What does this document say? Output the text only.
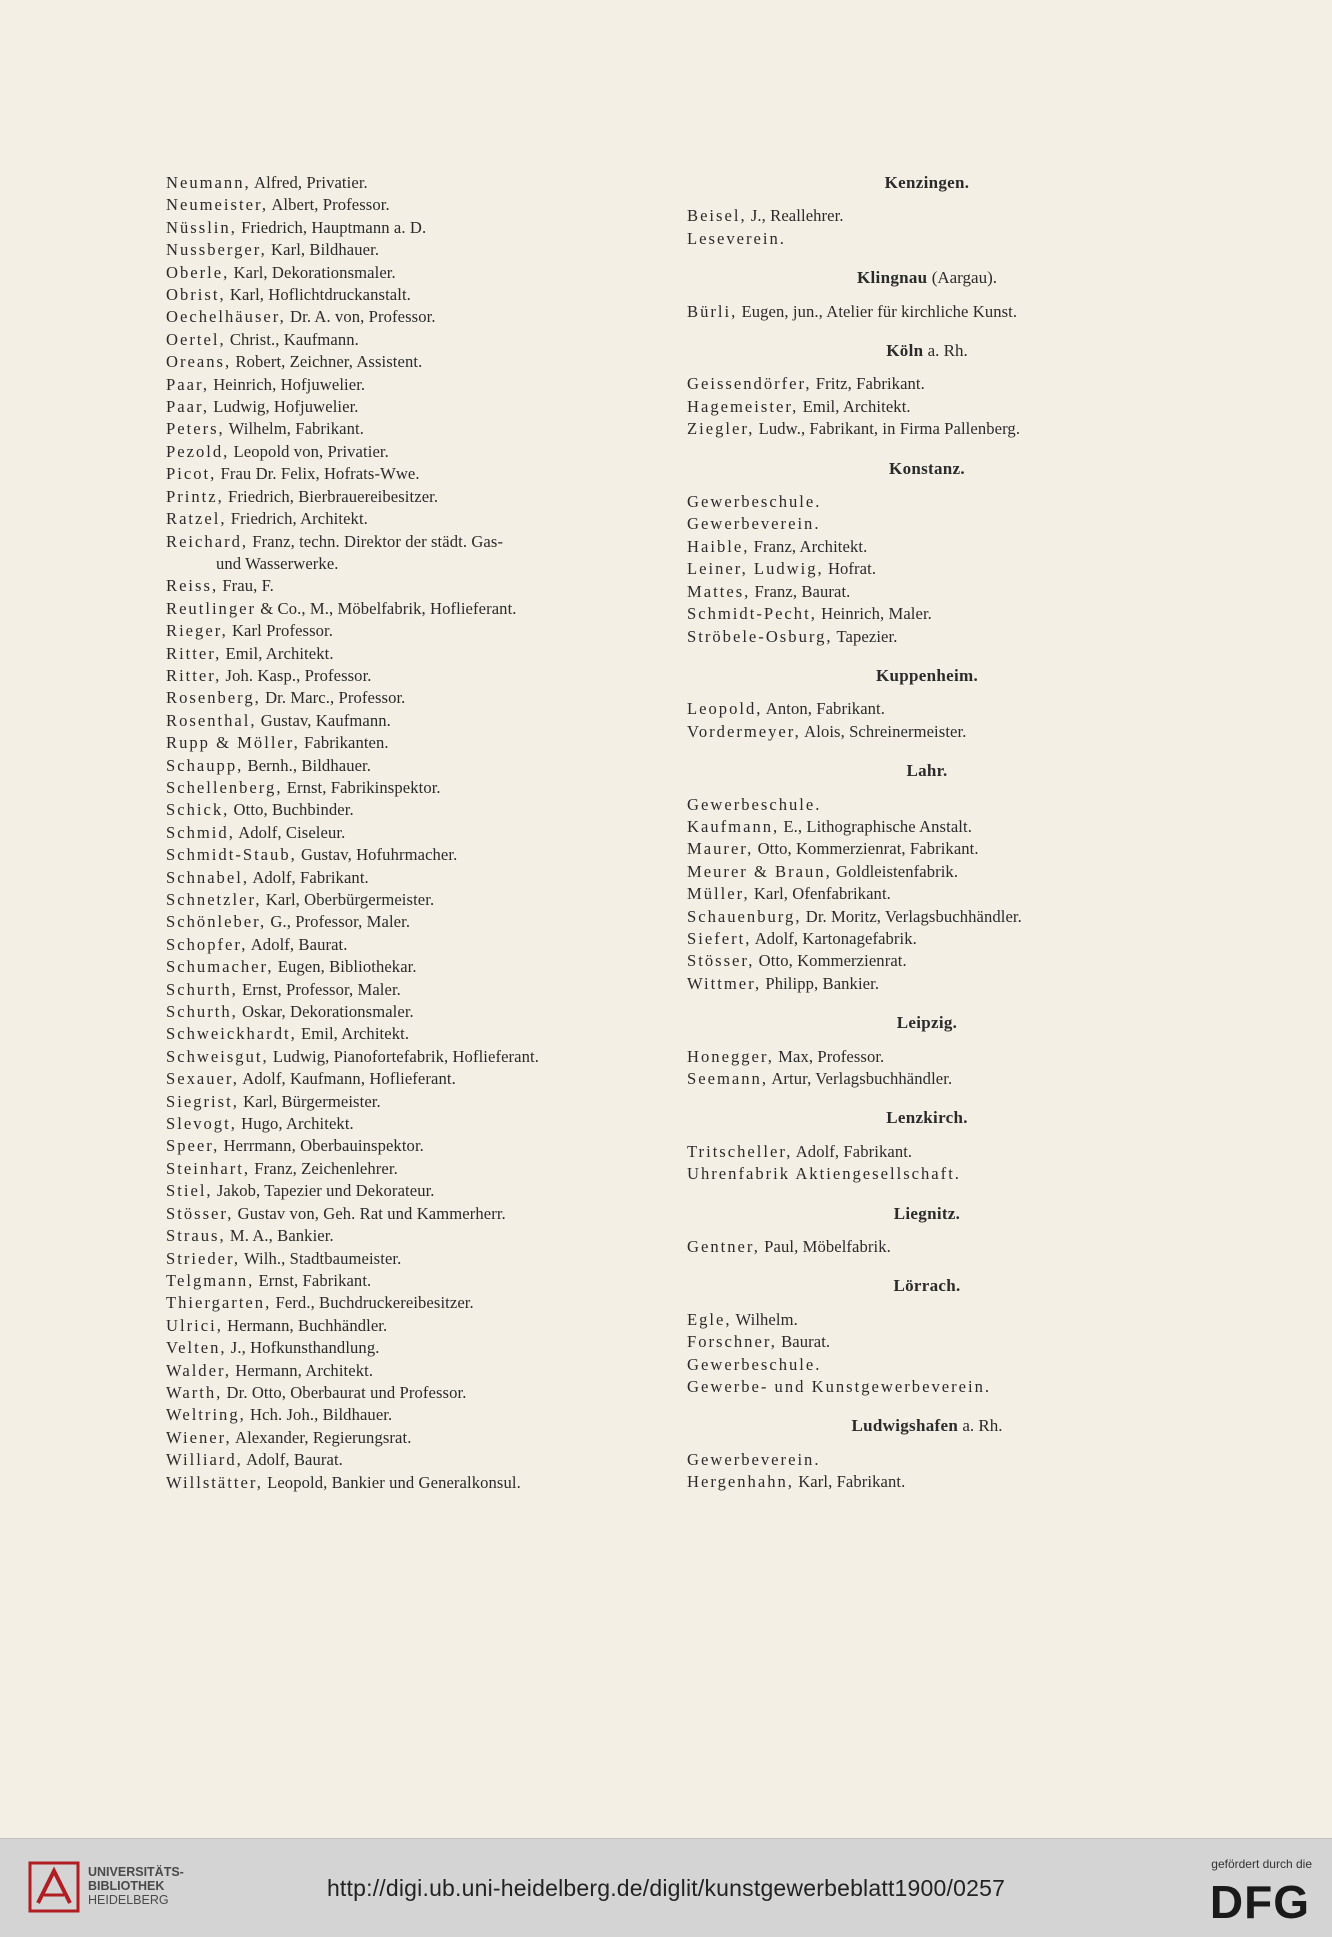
Neumann, Alfred, Privatier.
Neumeister, Albert, Professor.
Nüsslin, Friedrich, Hauptmann a. D.
Nussberger, Karl, Bildhauer.
Oberle, Karl, Dekorationsmaler.
Obrist, Karl, Hoflichtdruckanstalt.
Oechelhäuser, Dr. A. von, Professor.
Oertel, Christ., Kaufmann.
Oreans, Robert, Zeichner, Assistent.
Paar, Heinrich, Hofjuwelier.
Paar, Ludwig, Hofjuwelier.
Peters, Wilhelm, Fabrikant.
Pezold, Leopold von, Privatier.
Picot, Frau Dr. Felix, Hofrats-Wwe.
Printz, Friedrich, Bierbrauereibesitzer.
Ratzel, Friedrich, Architekt.
Reichard, Franz, techn. Direktor der städt. Gas-
und Wasserwerke.
Reiss, Frau, F.
Reutlinger & Co., M., Möbelfabrik, Hoflieferant.
Rieger, Karl Professor.
Ritter, Emil, Architekt.
Ritter, Joh. Kasp., Professor.
Rosenberg, Dr. Marc., Professor.
Rosenthal, Gustav, Kaufmann.
Rupp & Möller, Fabrikanten.
Schaupp, Bernh., Bildhauer.
Schellenberg, Ernst, Fabrikinspektor.
Schick, Otto, Buchbinder.
Schmid, Adolf, Ciseleur.
Schmidt-Staub, Gustav, Hofuhrmacher.
Schnabel, Adolf, Fabrikant.
Schnetzler, Karl, Oberbürgermeister.
Schönleber, G., Professor, Maler.
Schopfer, Adolf, Baurat.
Schumacher, Eugen, Bibliothekar.
Schurth, Ernst, Professor, Maler.
Schurth, Oskar, Dekorationsmaler.
Schweickhardt, Emil, Architekt.
Schweisgut, Ludwig, Pianofortefabrik, Hoflieferant.
Sexauer, Adolf, Kaufmann, Hoflieferant.
Siegrist, Karl, Bürgermeister.
Slevogt, Hugo, Architekt.
Speer, Herrmann, Oberbauinspektor.
Steinhart, Franz, Zeichenlehrer.
Stiel, Jakob, Tapezier und Dekorateur.
Stösser, Gustav von, Geh. Rat und Kammerherr.
Straus, M. A., Bankier.
Strieder, Wilh., Stadtbaumeister.
Telgmann, Ernst, Fabrikant.
Thiergarten, Ferd., Buchdruckereibesitzer.
Ulrici, Hermann, Buchhändler.
Velten, J., Hofkunsthandlung.
Walder, Hermann, Architekt.
Warth, Dr. Otto, Oberbaurat und Professor.
Weltring, Hch. Joh., Bildhauer.
Wiener, Alexander, Regierungsrat.
Williard, Adolf, Baurat.
Willstätter, Leopold, Bankier und Generalkonsul.
Kenzingen.
Beisel, J., Reallehrer.
Leseverein.
Klingnau (Aargau).
Bürli, Eugen, jun., Atelier für kirchliche Kunst.
Köln a. Rh.
Geissendörfer, Fritz, Fabrikant.
Hagemeister, Emil, Architekt.
Ziegler, Ludw., Fabrikant, in Firma Pallenberg.
Konstanz.
Gewerbeschule.
Gewerbeverein.
Haible, Franz, Architekt.
Leiner, Ludwig, Hofrat.
Mattes, Franz, Baurat.
Schmidt-Pecht, Heinrich, Maler.
Ströbele-Osburg, Tapezier.
Kuppenheim.
Leopold, Anton, Fabrikant.
Vordermeyer, Alois, Schreinermeister.
Lahr.
Gewerbeschule.
Kaufmann, E., Lithographische Anstalt.
Maurer, Otto, Kommerzienrat, Fabrikant.
Meurer & Braun, Goldleistenfabrik.
Müller, Karl, Ofenfabrikant.
Schauenburg, Dr. Moritz, Verlagsbuchhändler.
Siefert, Adolf, Kartonagefabrik.
Stösser, Otto, Kommerzienrat.
Wittmer, Philipp, Bankier.
Leipzig.
Honegger, Max, Professor.
Seemann, Artur, Verlagsbuchhändler.
Lenzkirch.
Tritscheller, Adolf, Fabrikant.
Uhrenfabrik Aktiengesellschaft.
Liegnitz.
Gentner, Paul, Möbelfabrik.
Lörrach.
Egle, Wilhelm.
Forschner, Baurat.
Gewerbeschule.
Gewerbe- und Kunstgewerbeverein.
Ludwigshafen a. Rh.
Gewerbeverein.
Hergenhahn, Karl, Fabrikant.
UNIVERSITÄTS-
BIBLIOTHEK
HEIDELBERG	http://digi.ub.uni-heidelberg.de/diglit/kunstgewerbeblatt1900/0257
gefördert durch die
DFG
